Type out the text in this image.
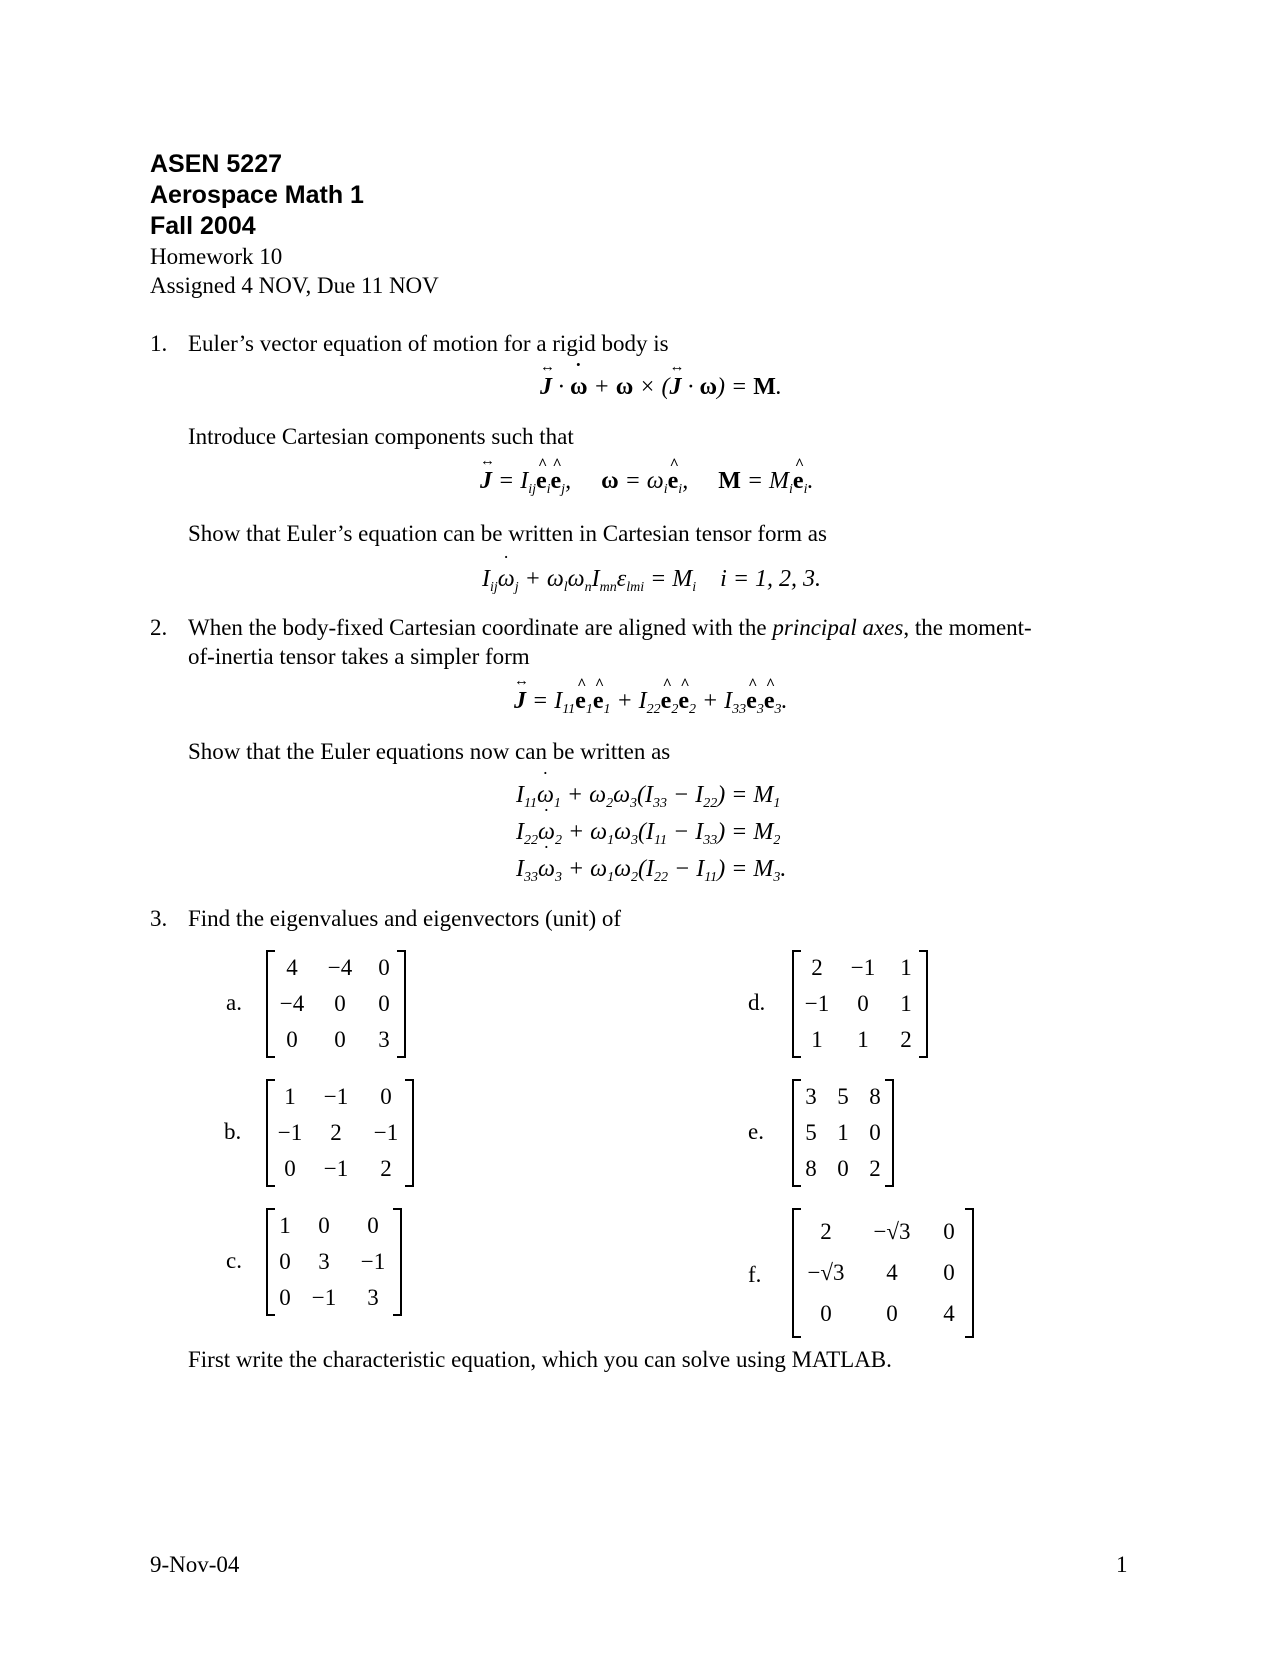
ASEN 5227
Aerospace Math 1
Fall 2004
Homework 10
Assigned 4 NOV, Due 11 NOV
1. Euler’s vector equation of motion for a rigid body is
J ↔ · ω ˙ + ω × (J ↔ · ω) = M.
Introduce Cartesian components such that
J ↔ = $I_{ij}e$ $\^{}_ie$ $\^{}_j$,     $\omega = \omega_ie$ $\^{}_i$,     $M = M_ie$ $\^{}_i$.
Show that Euler’s equation can be written in Cartesian tensor form as
$I_{ij}\omega$ $˙_j + \omega_l\omega_nI_{mn}\varepsilon_{lmi} = M_i$ i = 1, 2, 3.
2. When the body-fixed Cartesian coordinate are aligned with the principal axes, the moment-
of-inertia tensor takes a simpler form
J ↔ = $I_{11}e$ $\^{}_1e$ $\^{}_1 + I_{22}e$ $\^{}_2e$ $\^{}_2 + I_{33}e$ $\^{}_3e$ $\^{}_3$.
Show that the Euler equations now can be written as
$I_{11}\omega$ $˙_1 + \omega_2\omega_3(I_{33} - I_{22}) = M_1$
$I_{22}\omega$ $˙_2 + \omega_1\omega_3(I_{11} - I_{33}) = M_2$
$I_{33}\omega$ $˙_3 + \omega_1\omega_2(I_{22} - I_{11}) = M_3$.
3. Find the eigenvalues and eigenvectors (unit) of
a.
4	−4	0
−4	0	0
0	0	3
d.
2	−1	1
−1	0	1
1	1	2
b.
1	−1	0
−1	2	−1
0	−1	2
e.
3	5	8
5	1	0
8	0	2
c.
1	0	0
0	3	−1
0	−1	3
f.
2	−√3	0
−√3	4	0
0	0	4
First write the characteristic equation, which you can solve using MATLAB.
9-Nov-04	1
